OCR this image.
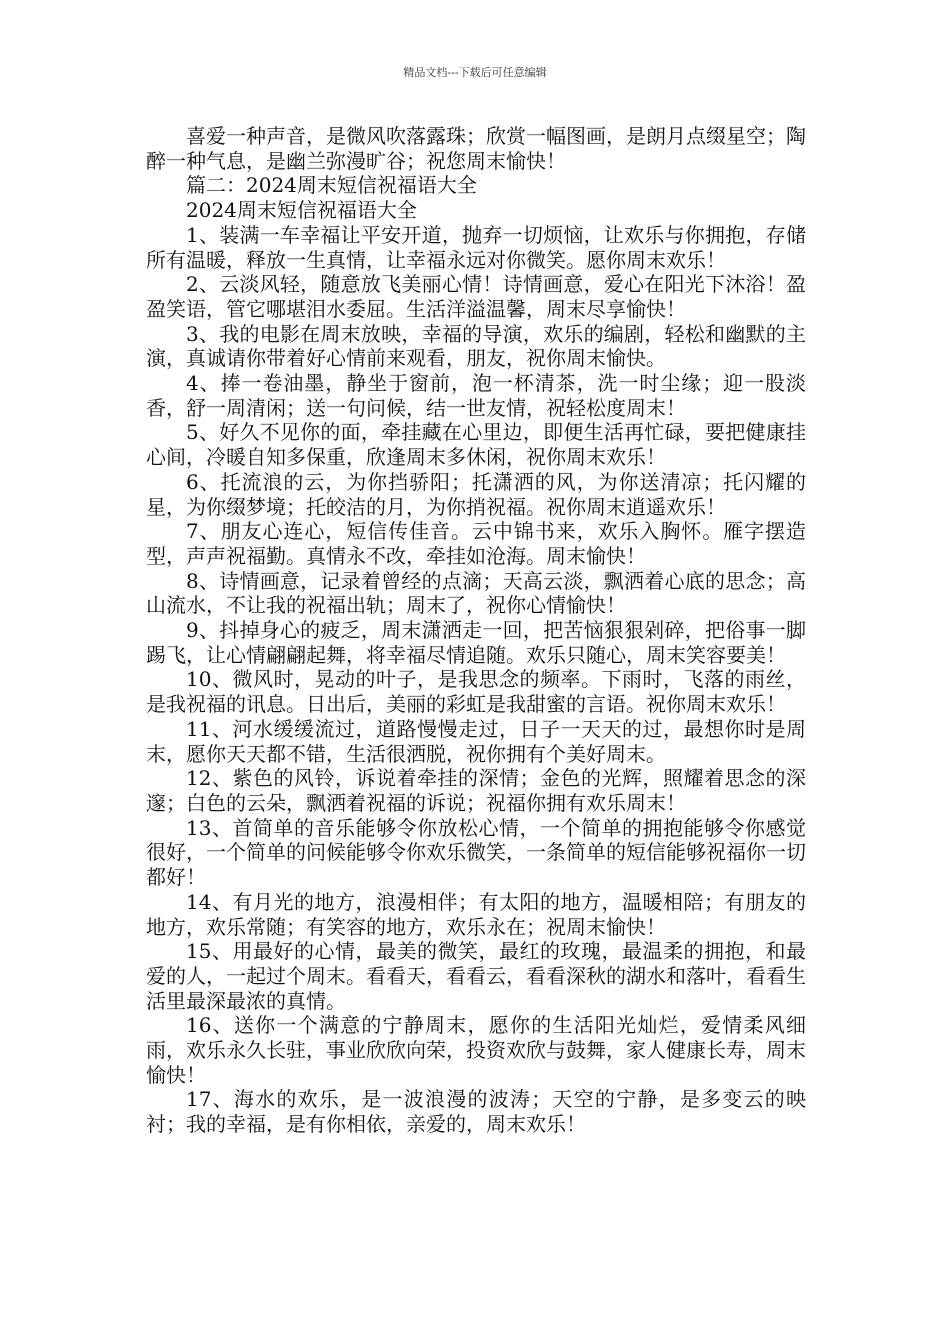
精品文档---下载后可任意编辑

喜爱一种声音，是微风吹落露珠；欣赏一幅图画，是朗月点缀星空；陶醉一种气息，是幽兰弥漫旷谷；祝您周末愉快！

篇二：2024周末短信祝福语大全

2024周末短信祝福语大全

1、装满一车幸福让平安开道，抛弃一切烦恼，让欢乐与你拥抱，存储所有温暖，释放一生真情，让幸福永远对你微笑。愿你周末欢乐！

2、云淡风轻，随意放飞美丽心情！诗情画意，爱心在阳光下沐浴！盈盈笑语，管它哪堪泪水委屈。生活洋溢温馨，周末尽享愉快！

3、我的电影在周末放映，幸福的导演，欢乐的编剧，轻松和幽默的主演，真诚请你带着好心情前来观看，朋友，祝你周末愉快。

4、捧一卷油墨，静坐于窗前，泡一杯清茶，洗一时尘缘；迎一股淡香，舒一周清闲；送一句问候，结一世友情，祝轻松度周末！

5、好久不见你的面，牵挂藏在心里边，即便生活再忙碌，要把健康挂心间，冷暖自知多保重，欣逢周末多休闲，祝你周末欢乐！

6、托流浪的云，为你挡骄阳；托潇洒的风，为你送清凉；托闪耀的星，为你缀梦境；托皎洁的月，为你捎祝福。祝你周末逍遥欢乐！

7、朋友心连心，短信传佳音。云中锦书来，欢乐入胸怀。雁字摆造型，声声祝福勤。真情永不改，牵挂如沧海。周末愉快！

8、诗情画意，记录着曾经的点滴；天高云淡，飘洒着心底的思念；高山流水，不让我的祝福出轨；周末了，祝你心情愉快！

9、抖掉身心的疲乏，周末潇洒走一回，把苦恼狠狠剁碎，把俗事一脚踢飞，让心情翩翩起舞，将幸福尽情追随。欢乐只随心，周末笑容要美！

10、微风时，晃动的叶子，是我思念的频率。下雨时，飞落的雨丝，是我祝福的讯息。日出后，美丽的彩虹是我甜蜜的言语。祝你周末欢乐！

11、河水缓缓流过，道路慢慢走过，日子一天天的过，最想你时是周末，愿你天天都不错，生活很洒脱，祝你拥有个美好周末。

12、紫色的风铃，诉说着牵挂的深情；金色的光辉，照耀着思念的深邃；白色的云朵，飘洒着祝福的诉说；祝福你拥有欢乐周末！

13、首简单的音乐能够令你放松心情，一个简单的拥抱能够令你感觉很好，一个简单的问候能够令你欢乐微笑，一条简单的短信能够祝福你一切都好！

14、有月光的地方，浪漫相伴；有太阳的地方，温暖相陪；有朋友的地方，欢乐常随；有笑容的地方，欢乐永在；祝周末愉快！

15、用最好的心情，最美的微笑，最红的玫瑰，最温柔的拥抱，和最爱的人，一起过个周末。看看天，看看云，看看深秋的湖水和落叶，看看生活里最深最浓的真情。

16、送你一个满意的宁静周末，愿你的生活阳光灿烂，爱情柔风细雨，欢乐永久长驻，事业欣欣向荣，投资欢欣与鼓舞，家人健康长寿，周末愉快！

17、海水的欢乐，是一波浪漫的波涛；天空的宁静，是多变云的映衬；我的幸福，是有你相依，亲爱的，周末欢乐！
